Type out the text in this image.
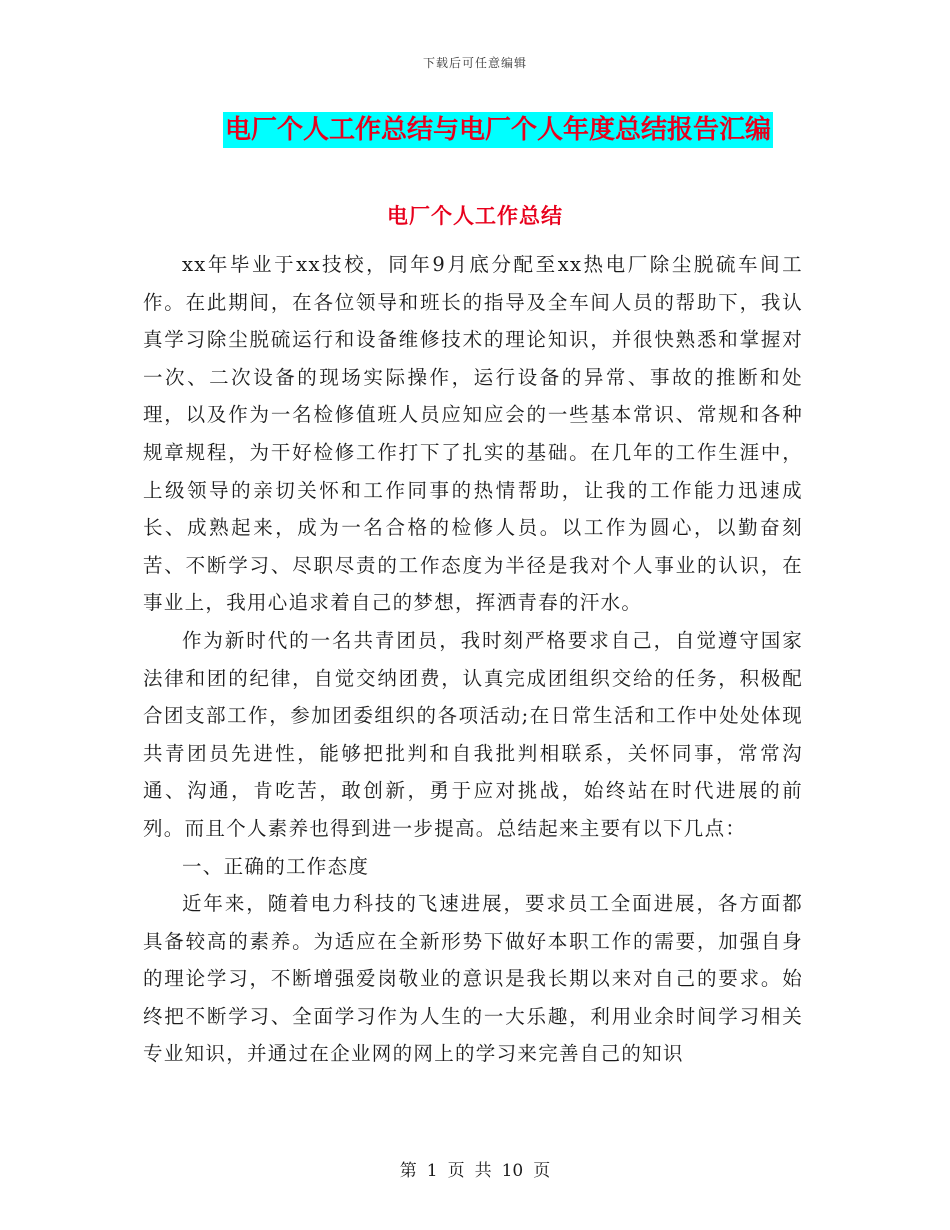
下载后可任意编辑
电厂个人工作总结与电厂个人年度总结报告汇编
电厂个人工作总结

xx年毕业于xx技校，同年9月底分配至xx热电厂除尘脱硫车间工作。在此期间，在各位领导和班长的指导及全车间人员的帮助下，我认真学习除尘脱硫运行和设备维修技术的理论知识，并很快熟悉和掌握对一次、二次设备的现场实际操作，运行设备的异常、事故的推断和处理，以及作为一名检修值班人员应知应会的一些基本常识、常规和各种规章规程，为干好检修工作打下了扎实的基础。在几年的工作生涯中，上级领导的亲切关怀和工作同事的热情帮助，让我的工作能力迅速成长、成熟起来，成为一名合格的检修人员。以工作为圆心，以勤奋刻苦、不断学习、尽职尽责的工作态度为半径是我对个人事业的认识，在事业上，我用心追求着自己的梦想，挥洒青春的汗水。

作为新时代的一名共青团员，我时刻严格要求自己，自觉遵守国家法律和团的纪律，自觉交纳团费，认真完成团组织交给的任务，积极配合团支部工作，参加团委组织的各项活动;在日常生活和工作中处处体现共青团员先进性，能够把批判和自我批判相联系，关怀同事，常常沟通、沟通，肯吃苦，敢创新，勇于应对挑战，始终站在时代进展的前列。而且个人素养也得到进一步提高。总结起来主要有以下几点：

一、正确的工作态度

近年来，随着电力科技的飞速进展，要求员工全面进展，各方面都具备较高的素养。为适应在全新形势下做好本职工作的需要，加强自身的理论学习，不断增强爱岗敬业的意识是我长期以来对自己的要求。始终把不断学习、全面学习作为人生的一大乐趣，利用业余时间学习相关专业知识，并通过在企业网的网上的学习来完善自己的知识

第 1 页 共 10 页
